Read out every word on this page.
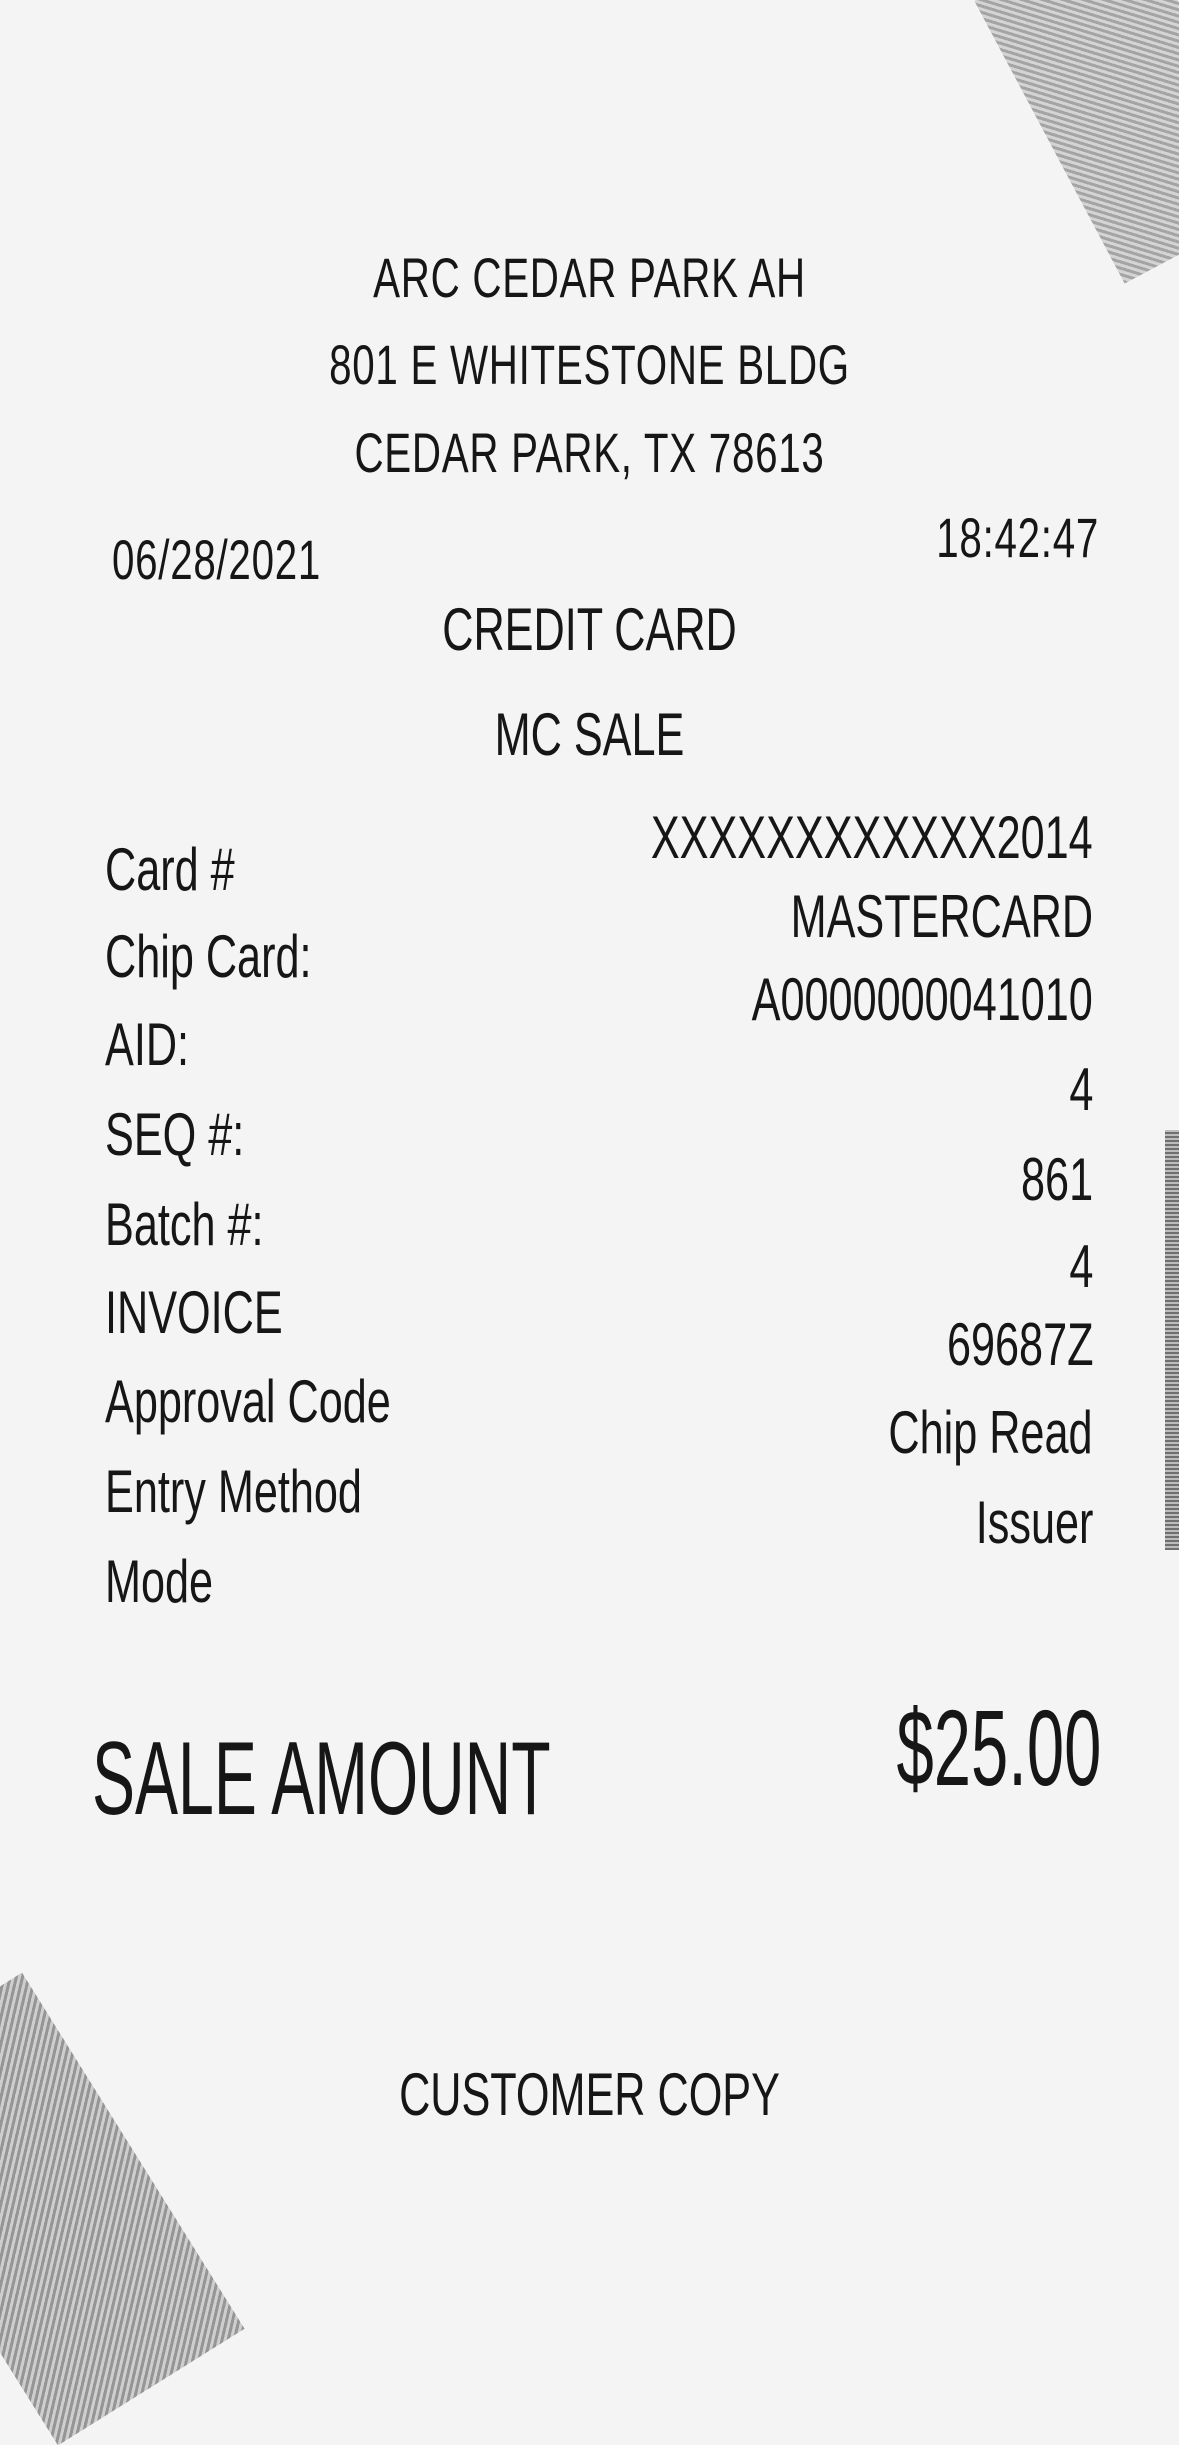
ARC CEDAR PARK AH
801 E WHITESTONE BLDG
CEDAR PARK, TX 78613
06/28/2021	18:42:47
CREDIT CARD
MC SALE
Card #
Chip Card:
AID:
SEQ #:
Batch #:
INVOICE
Approval Code
Entry Method
Mode
XXXXXXXXXXXX2014
MASTERCARD
A0000000041010
4
861
4
69687Z
Chip Read
Issuer
SALE AMOUNT	$25.00
CUSTOMER COPY
